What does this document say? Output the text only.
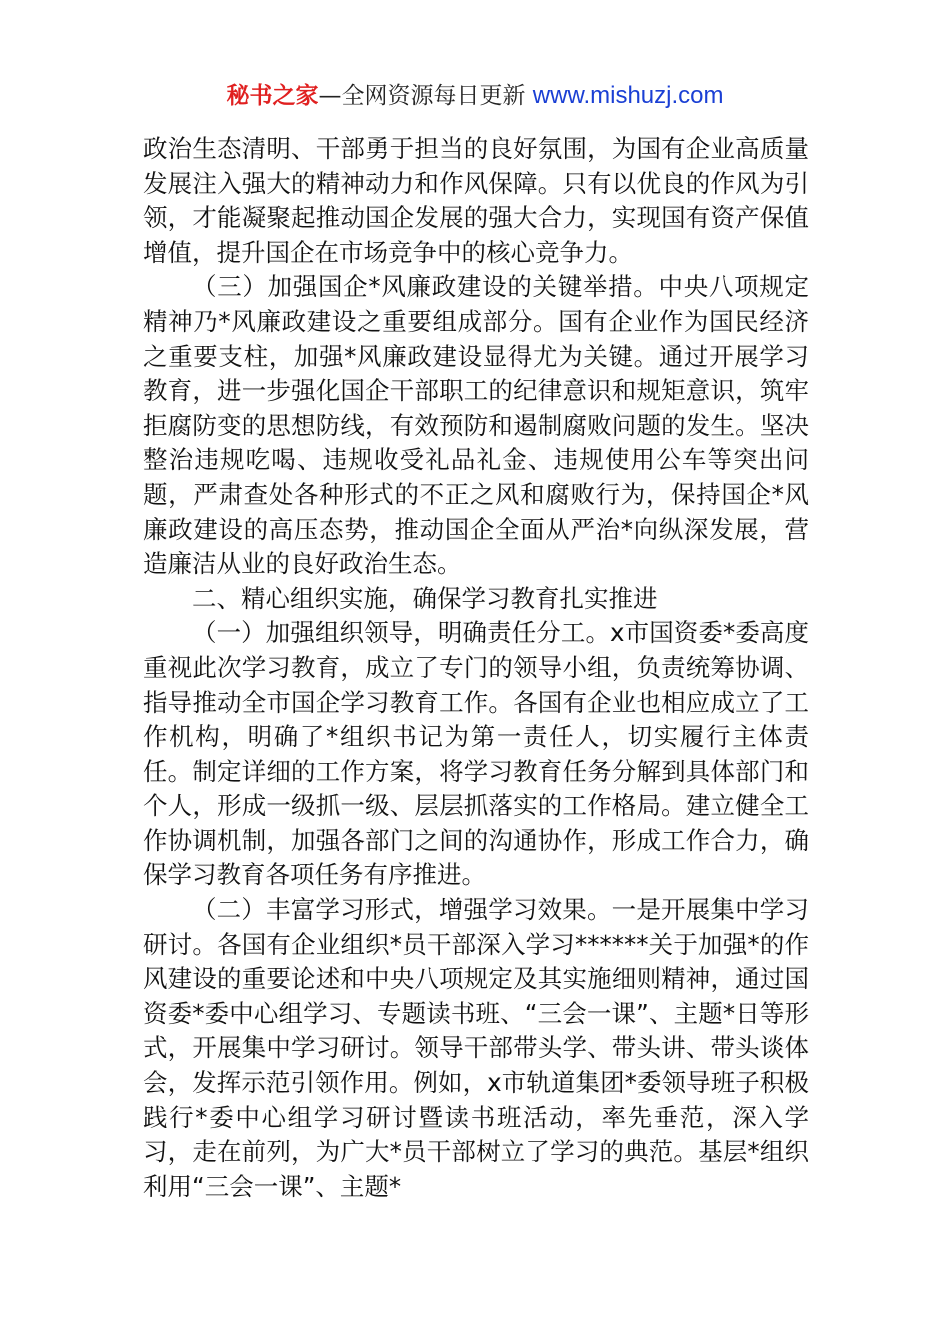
秘书之家—全网资源每日更新 www.mishuzj.com

政治生态清明、干部勇于担当的良好氛围，为国有企业高质量发展注入强大的精神动力和作风保障。只有以优良的作风为引领，才能凝聚起推动国企发展的强大合力，实现国有资产保值增值，提升国企在市场竞争中的核心竞争力。

（三）加强国企*风廉政建设的关键举措。中央八项规定精神乃*风廉政建设之重要组成部分。国有企业作为国民经济之重要支柱，加强*风廉政建设显得尤为关键。通过开展学习教育，进一步强化国企干部职工的纪律意识和规矩意识，筑牢拒腐防变的思想防线，有效预防和遏制腐败问题的发生。坚决整治违规吃喝、违规收受礼品礼金、违规使用公车等突出问题，严肃查处各种形式的不正之风和腐败行为，保持国企*风廉政建设的高压态势，推动国企全面从严治*向纵深发展，营造廉洁从业的良好政治生态。

二、精心组织实施，确保学习教育扎实推进

（一）加强组织领导，明确责任分工。x市国资委*委高度重视此次学习教育，成立了专门的领导小组，负责统筹协调、指导推动全市国企学习教育工作。各国有企业也相应成立了工作机构，明确了*组织书记为第一责任人，切实履行主体责任。制定详细的工作方案，将学习教育任务分解到具体部门和个人，形成一级抓一级、层层抓落实的工作格局。建立健全工作协调机制，加强各部门之间的沟通协作，形成工作合力，确保学习教育各项任务有序推进。

（二）丰富学习形式，增强学习效果。一是开展集中学习研讨。各国有企业组织*员干部深入学习******关于加强*的作风建设的重要论述和中央八项规定及其实施细则精神，通过国资委*委中心组学习、专题读书班、“三会一课”、主题*日等形式，开展集中学习研讨。领导干部带头学、带头讲、带头谈体会，发挥示范引领作用。例如，x市轨道集团*委领导班子积极践行*委中心组学习研讨暨读书班活动，率先垂范，深入学习，走在前列，为广大*员干部树立了学习的典范。基层*组织利用“三会一课”、主题*
